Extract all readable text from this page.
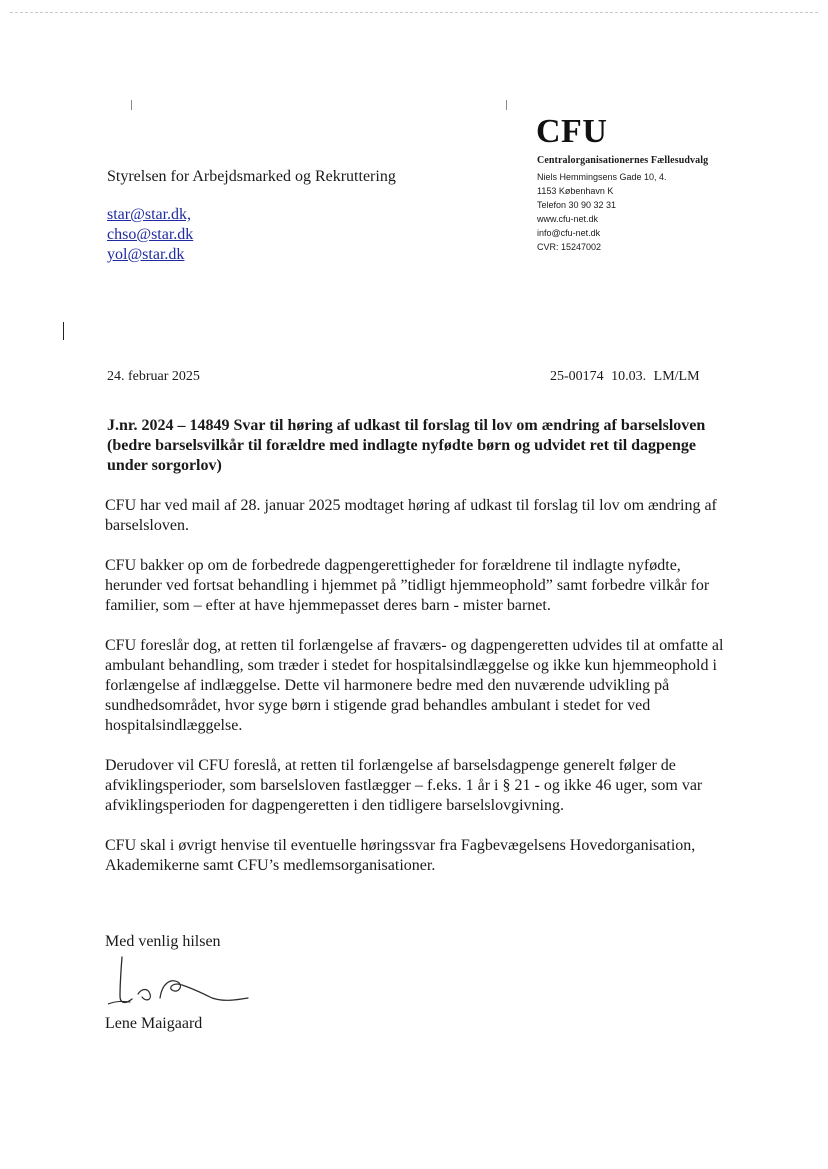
Styrelsen for Arbejdsmarked og Rekruttering
star@star.dk,
chso@star.dk
yol@star.dk
CFU
Centralorganisationernes Fællesudvalg
Niels Hemmingsens Gade 10, 4.
1153 København K
Telefon 30 90 32 31
www.cfu-net.dk
info@cfu-net.dk
CVR: 15247002
24. februar 2025	25-00174 10.03. LM/LM
J.nr. 2024 – 14849 Svar til høring af udkast til forslag til lov om ændring af barselsloven (bedre barselsvilkår til forældre med indlagte nyfødte børn og udvidet ret til dagpenge under sorgorlov)

CFU har ved mail af 28. januar 2025 modtaget høring af udkast til forslag til lov om ændring af barselsloven.

CFU bakker op om de forbedrede dagpengerettigheder for forældrene til indlagte nyfødte, herunder ved fortsat behandling i hjemmet på ”tidligt hjemmeophold” samt forbedre vilkår for familier, som – efter at have hjemmepasset deres barn - mister barnet.

CFU foreslår dog, at retten til forlængelse af fraværs- og dagpengeretten udvides til at omfatte al ambulant behandling, som træder i stedet for hospitalsindlæggelse og ikke kun hjemmeophold i forlængelse af indlæggelse. Dette vil harmonere bedre med den nuværende udvikling på sundhedsområdet, hvor syge børn i stigende grad behandles ambulant i stedet for ved hospitalsindlæggelse.

Derudover vil CFU foreslå, at retten til forlængelse af barselsdagpenge generelt følger de afviklingsperioder, som barselsloven fastlægger – f.eks. 1 år i § 21 - og ikke 46 uger, som var afviklingsperioden for dagpengeretten i den tidligere barselslovgivning.

CFU skal i øvrigt henvise til eventuelle høringssvar fra Fagbevægelsens Hovedorganisation, Akademikerne samt CFU’s medlemsorganisationer.

Med venlig hilsen
Lene Maigaard
